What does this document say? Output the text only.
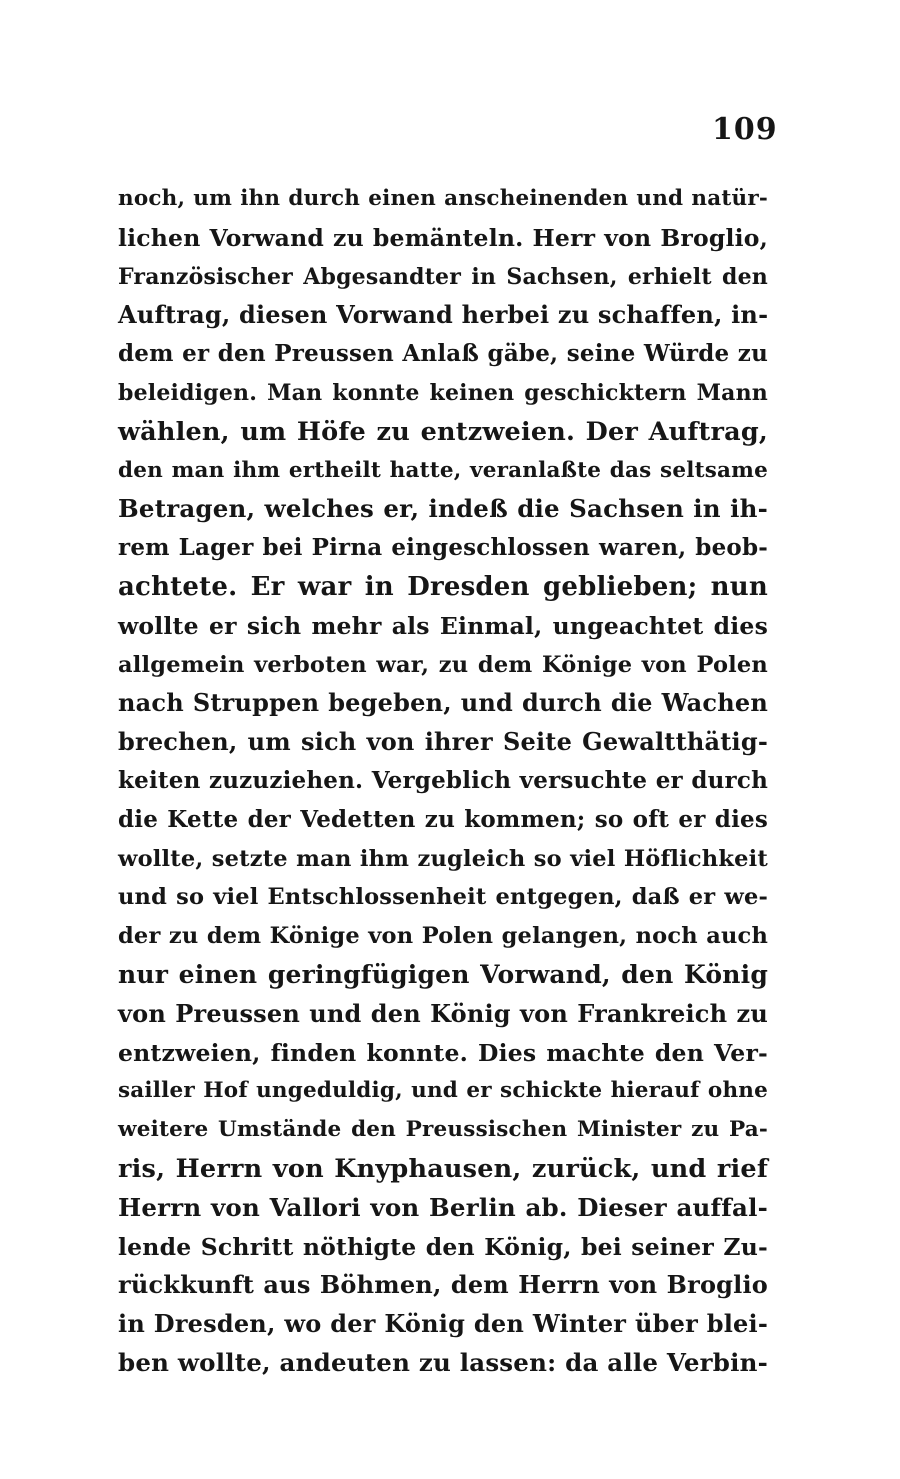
109
noch, um ihn durch einen anscheinenden und natür-
lichen Vorwand zu bemänteln. Herr von Broglio,
Französischer Abgesandter in Sachsen, erhielt den
Auftrag, diesen Vorwand herbei zu schaffen, in-
dem er den Preussen Anlaß gäbe, seine Würde zu
beleidigen. Man konnte keinen geschicktern Mann
wählen, um Höfe zu entzweien. Der Auftrag,
den man ihm ertheilt hatte, veranlaßte das seltsame
Betragen, welches er, indeß die Sachsen in ih-
rem Lager bei Pirna eingeschlossen waren, beob-
achtete. Er war in Dresden geblieben; nun
wollte er sich mehr als Einmal, ungeachtet dies
allgemein verboten war, zu dem Könige von Polen
nach Struppen begeben, und durch die Wachen
brechen, um sich von ihrer Seite Gewaltthätig-
keiten zuzuziehen. Vergeblich versuchte er durch
die Kette der Vedetten zu kommen; so oft er dies
wollte, setzte man ihm zugleich so viel Höflichkeit
und so viel Entschlossenheit entgegen, daß er we-
der zu dem Könige von Polen gelangen, noch auch
nur einen geringfügigen Vorwand, den König
von Preussen und den König von Frankreich zu
entzweien, finden konnte. Dies machte den Ver-
sailler Hof ungeduldig, und er schickte hierauf ohne
weitere Umstände den Preussischen Minister zu Pa-
ris, Herrn von Knyphausen, zurück, und rief
Herrn von Vallori von Berlin ab. Dieser auffal-
lende Schritt nöthigte den König, bei seiner Zu-
rückkunft aus Böhmen, dem Herrn von Broglio
in Dresden, wo der König den Winter über blei-
ben wollte, andeuten zu lassen: da alle Verbin-
